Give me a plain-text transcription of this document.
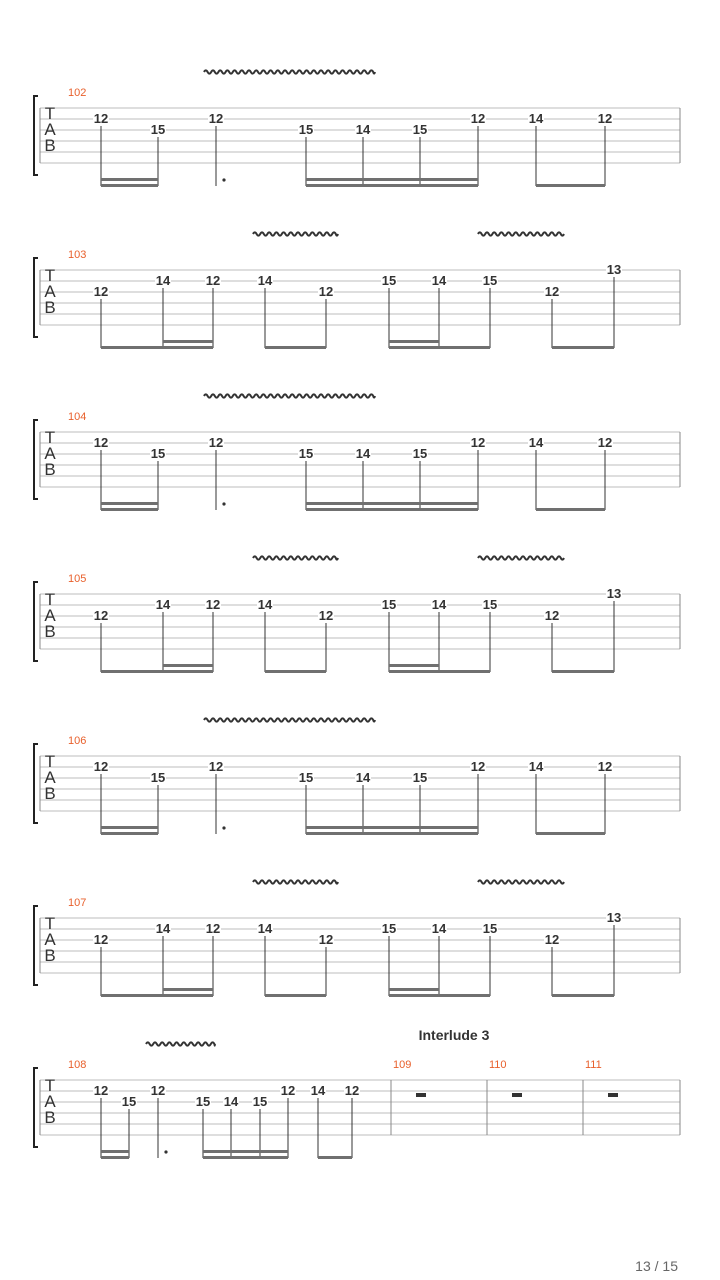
T
A
B
102
12
15
12
15	14	15
12	14	12
T
A
B
103
12
14	12	14
12
15	14	15
12
13
T
A
B
104
12
15
12
15	14	15
12	14	12
T
A
B
105
12
14	12	14
12
15	14	15
12
13
T
A
B
106
12
15
12
15	14	15
12	14	12
T
A
B
107
12
14	12	14
12
15	14	15
12
13
T
A
B
108
12
15
12
15 14 15
12 14 12
109
Interlude 3
110	111
13 / 15
